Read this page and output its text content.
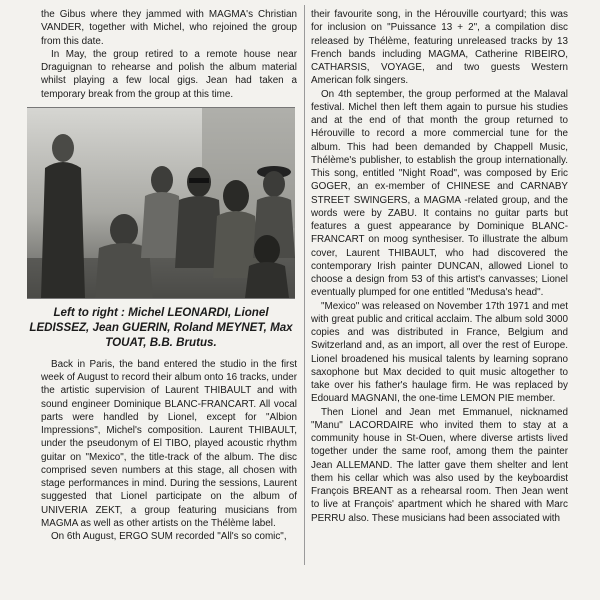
the Gibus where they jammed with MAGMA's Christian VANDER, together with Michel, who rejoined the group from this date.

In May, the group retired to a remote house near Draguignan to rehearse and polish the album material whilst playing a few local gigs. Jean had taken a temporary break from the group at this time.

Left to right : Michel LEONARDI, Lionel LEDISSEZ, Jean GUERIN, Roland MEYNET, Max TOUAT, B.B. Brutus.

Back in Paris, the band entered the studio in the first week of August to record their album onto 16 tracks, under the artistic supervision of Laurent THIBAULT and with sound engineer Dominique BLANC-FRANCART. All vocal parts were handled by Lionel, except for "Albion Impressions", Michel's composition. Laurent THIBAULT, under the pseudonym of El TIBO, played acoustic rhythm guitar on "Mexico", the title-track of the album. The disc comprised seven numbers at this stage, all chosen with stage performances in mind. During the sessions, Laurent suggested that Lionel participate on the album of UNIVERIA ZEKT, a group featuring musicians from MAGMA as well as other artists on the Thélème label.

On 6th August, ERGO SUM recorded "All's so comic",

their favourite song, in the Hérouville courtyard; this was for inclusion on "Puissance 13 + 2", a compilation disc released by Thélème, featuring unreleased tracks by 13 French bands including MAGMA, Catherine RIBEIRO, CATHARSIS, VOYAGE, and two guests Western American folk singers.

On 4th september, the group performed at the Malaval festival. Michel then left them again to pursue his studies and at the end of that month the group returned to Hérouville to record a more commercial tune for the album. This had been demanded by Chappell Music, Thélème's publisher, to establish the group internationally. This song, entitled "Night Road", was composed by Eric GOGER, an ex-member of CHINESE and CARNABY STREET SWINGERS, a MAGMA -related group, and the words were by ZABU. It contains no guitar parts but features a guest appearance by Dominique BLANC-FRANCART on moog synthesiser. To illustrate the album cover, Laurent THIBAULT, who had discovered the contemporary Irish painter DUNCAN, allowed Lionel to choose a design from 53 of this artist's canvasses; Lionel eventually plumped for one entitled "Medusa's head".

"Mexico" was released on November 17th 1971 and met with great public and critical acclaim. The album sold 3000 copies and was distributed in France, Belgium and Switzerland and, as an import, all over the rest of Europe. Lionel broadened his musical talents by learning soprano saxophone but Max decided to quit music altogether to take over his father's haulage firm. He was replaced by Edouard MAGNANI, the one-time LEMON PIE member.

Then Lionel and Jean met Emmanuel, nicknamed "Manu" LACORDAIRE who invited them to stay at a community house in St-Ouen, where diverse artists lived together under the same roof, among them the painter Jean ALLEMAND. The latter gave them shelter and lent them his cellar which was also used by the keyboardist François BREANT as a rehearsal room. Then Jean went to live at François' apartment which he shared with Marc PERRU also. These musicians had been associated with
